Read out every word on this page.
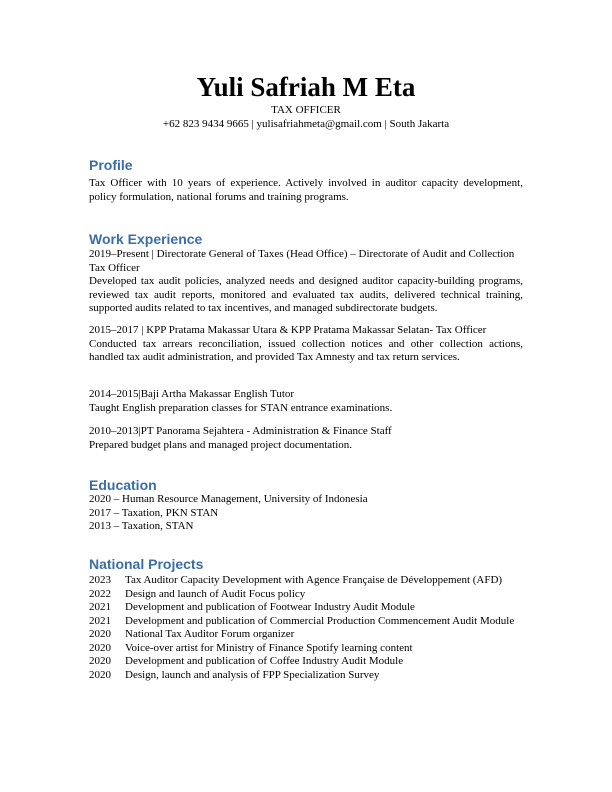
Yuli Safriah M Eta
TAX OFFICER
+62 823 9434 9665 | yulisafriahmeta@gmail.com | South Jakarta
Profile
Tax Officer with 10 years of experience. Actively involved in auditor capacity development, policy formulation, national forums and training programs.
Work Experience
2019–Present | Directorate General of Taxes (Head Office) – Directorate of Audit and Collection Tax Officer
Developed tax audit policies, analyzed needs and designed auditor capacity-building programs, reviewed tax audit reports, monitored and evaluated tax audits, delivered technical training, supported audits related to tax incentives, and managed subdirectorate budgets.
2015–2017 | KPP Pratama Makassar Utara & KPP Pratama Makassar Selatan- Tax Officer
Conducted tax arrears reconciliation, issued collection notices and other collection actions, handled tax audit administration, and provided Tax Amnesty and tax return services.
2014–2015|Baji Artha Makassar English Tutor
Taught English preparation classes for STAN entrance examinations.
2010–2013|PT Panorama Sejahtera - Administration & Finance Staff
Prepared budget plans and managed project documentation.
Education
2020 – Human Resource Management, University of Indonesia
2017 – Taxation, PKN STAN
2013 – Taxation, STAN
National Projects
2023	Tax Auditor Capacity Development with Agence Française de Développement (AFD)
2022	Design and launch of Audit Focus policy
2021	Development and publication of Footwear Industry Audit Module
2021	Development and publication of Commercial Production Commencement Audit Module
2020	National Tax Auditor Forum organizer
2020	Voice-over artist for Ministry of Finance Spotify learning content
2020	Development and publication of Coffee Industry Audit Module
2020	Design, launch and analysis of FPP Specialization Survey
